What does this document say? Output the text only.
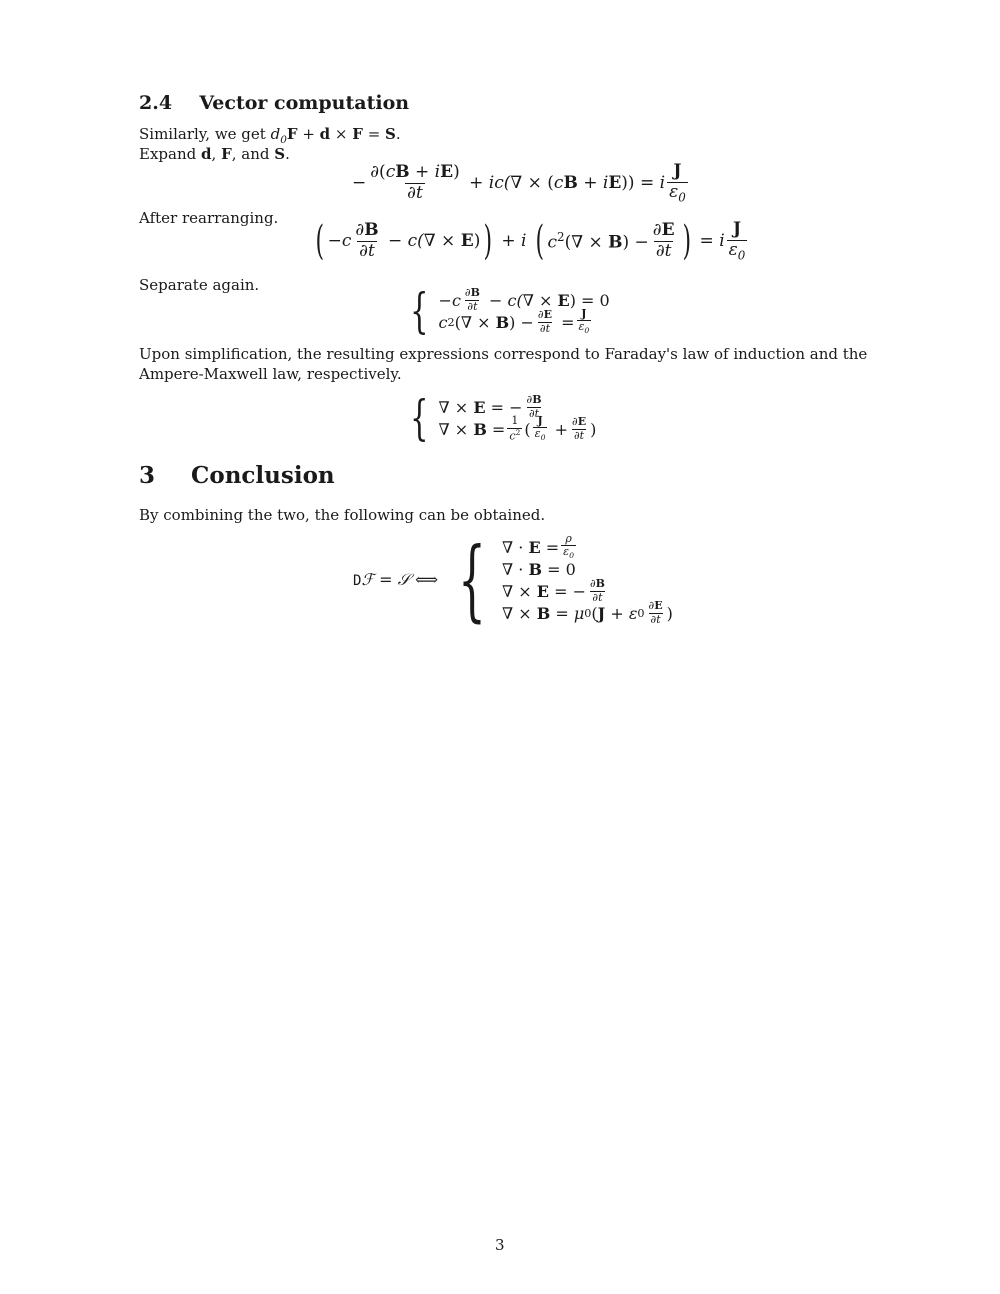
2.4 Vector computation
Similarly, we get $d_0F + d \times F = S$.
Expand d, F, and S.
− $\frac{\partial(cB + iE)}{\partial t} + ic(\nabla \times (cB + iE)) = i \frac{J}{\varepsilon_0}$
After rearranging.
( − c $\frac{\partial B}{\partial t} - c(\nabla \times E)$ ) + i ( $c^2(\nabla \times B) - \frac{\partial E}{\partial t}$ ) = i $\frac{J}{\varepsilon_0}$
Separate again.	{ − c $\frac{\partial B}{\partial t} - c(\nabla \times E) = 0$
c 2 (∇ ×
B ) − $\frac{\partial E}{\partial t} = \frac{J}{\varepsilon_0}$
Upon simplification, the resulting expressions correspond to Faraday's law of induction and the
Ampere-Maxwell law, respectively.
{ ∇ ×
E = − $\frac{\partial B}{\partial t}$
∇ ×
$B = \frac{1}{c^2}$ ( $\frac{J}{\varepsilon_0} + \frac{\partial E}{\partial t}$ )
3 Conclusion
By combining the two, the following can be obtained.
Dℱ = 𝒮 ⟺ { ∇ ·
$E = \frac{\rho}{\varepsilon_0}$
∇ ·
B = 0
∇ ×
E = − $\frac{\partial B}{\partial t}$
∇ ×
B = μ 0 ( J + ε $0 \frac{\partial E}{\partial t}$ )
3
